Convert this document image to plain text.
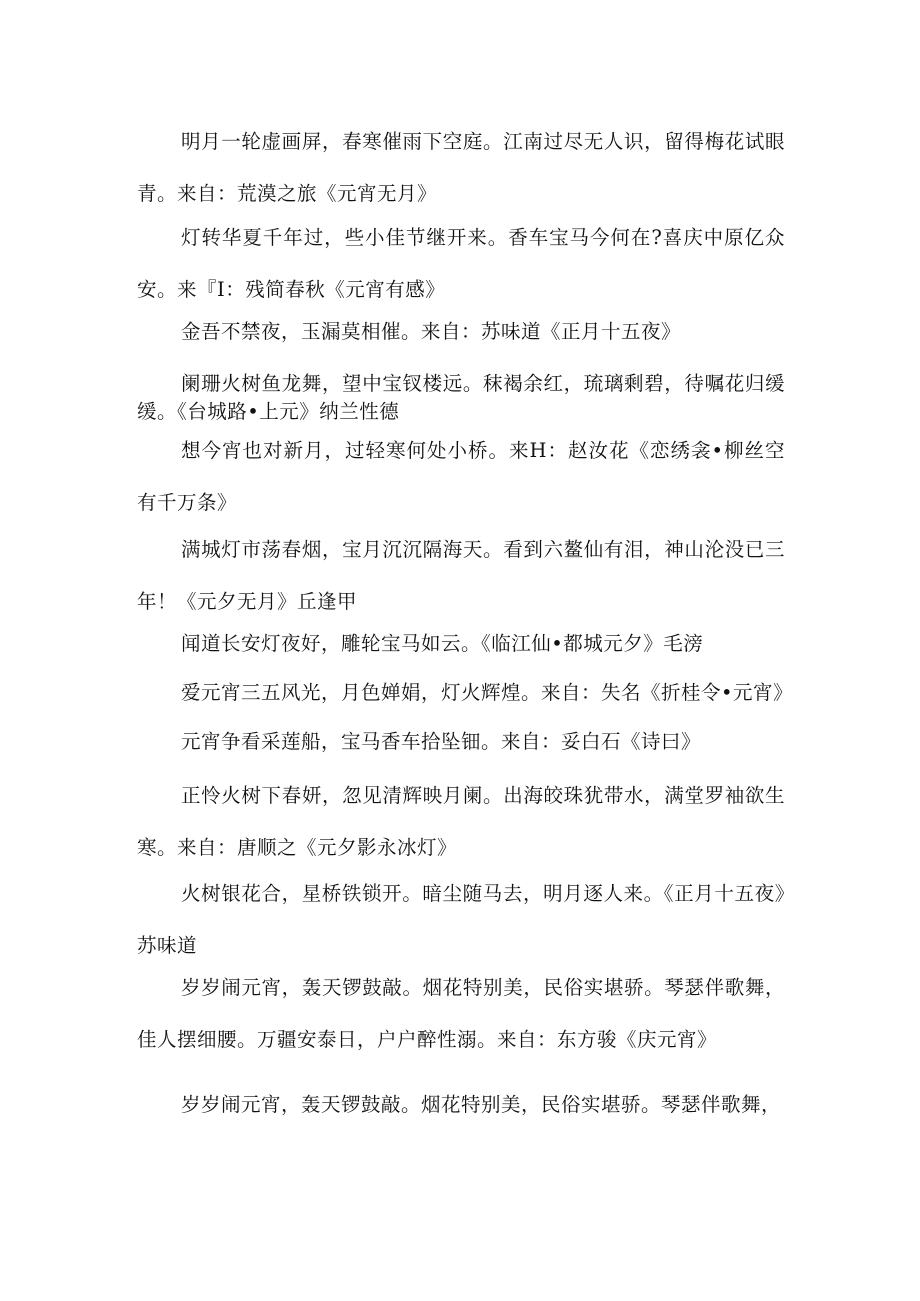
明月一轮虚画屏，春寒催雨下空庭。江南过尽无人识，留得梅花试眼青。来自：荒漠之旅《元宵无月》

灯转华夏千年过，些小佳节继开来。香车宝马今何在?喜庆中原亿众安。来『I：残简春秋《元宵有感》

金吾不禁夜，玉漏莫相催。来自：苏味道《正月十五夜》

阑珊火树鱼龙舞，望中宝钗楼远。秣褐余红，琉璃剩碧，待嘱花归缓缓。《台城路•上元》纳兰性德

想今宵也对新月，过轻寒何处小桥。来H：赵汝花《恋绣衾•柳丝空有千万条》

满城灯市荡春烟，宝月沉沉隔海天。看到六鳌仙有泪，神山沦没已三年！《元夕无月》丘逢甲

闻道长安灯夜好，雕轮宝马如云。《临江仙•都城元夕》毛滂

爱元宵三五风光，月色婵娟，灯火辉煌。来自：失名《折桂令•元宵》

元宵争看采莲船，宝马香车拾坠钿。来自：妥白石《诗曰》

正怜火树下春妍，忽见清辉映月阑。出海皎珠犹带水，满堂罗袖欲生寒。来自：唐顺之《元夕影永冰灯》

火树银花合，星桥铁锁开。暗尘随马去，明月逐人来。《正月十五夜》苏味道

岁岁闹元宵，轰天锣鼓敲。烟花特别美，民俗实堪骄。琴瑟伴歌舞，佳人摆细腰。万疆安泰日，户户醉性溺。来自：东方骏《庆元宵》

岁岁闹元宵，轰天锣鼓敲。烟花特别美，民俗实堪骄。琴瑟伴歌舞，
